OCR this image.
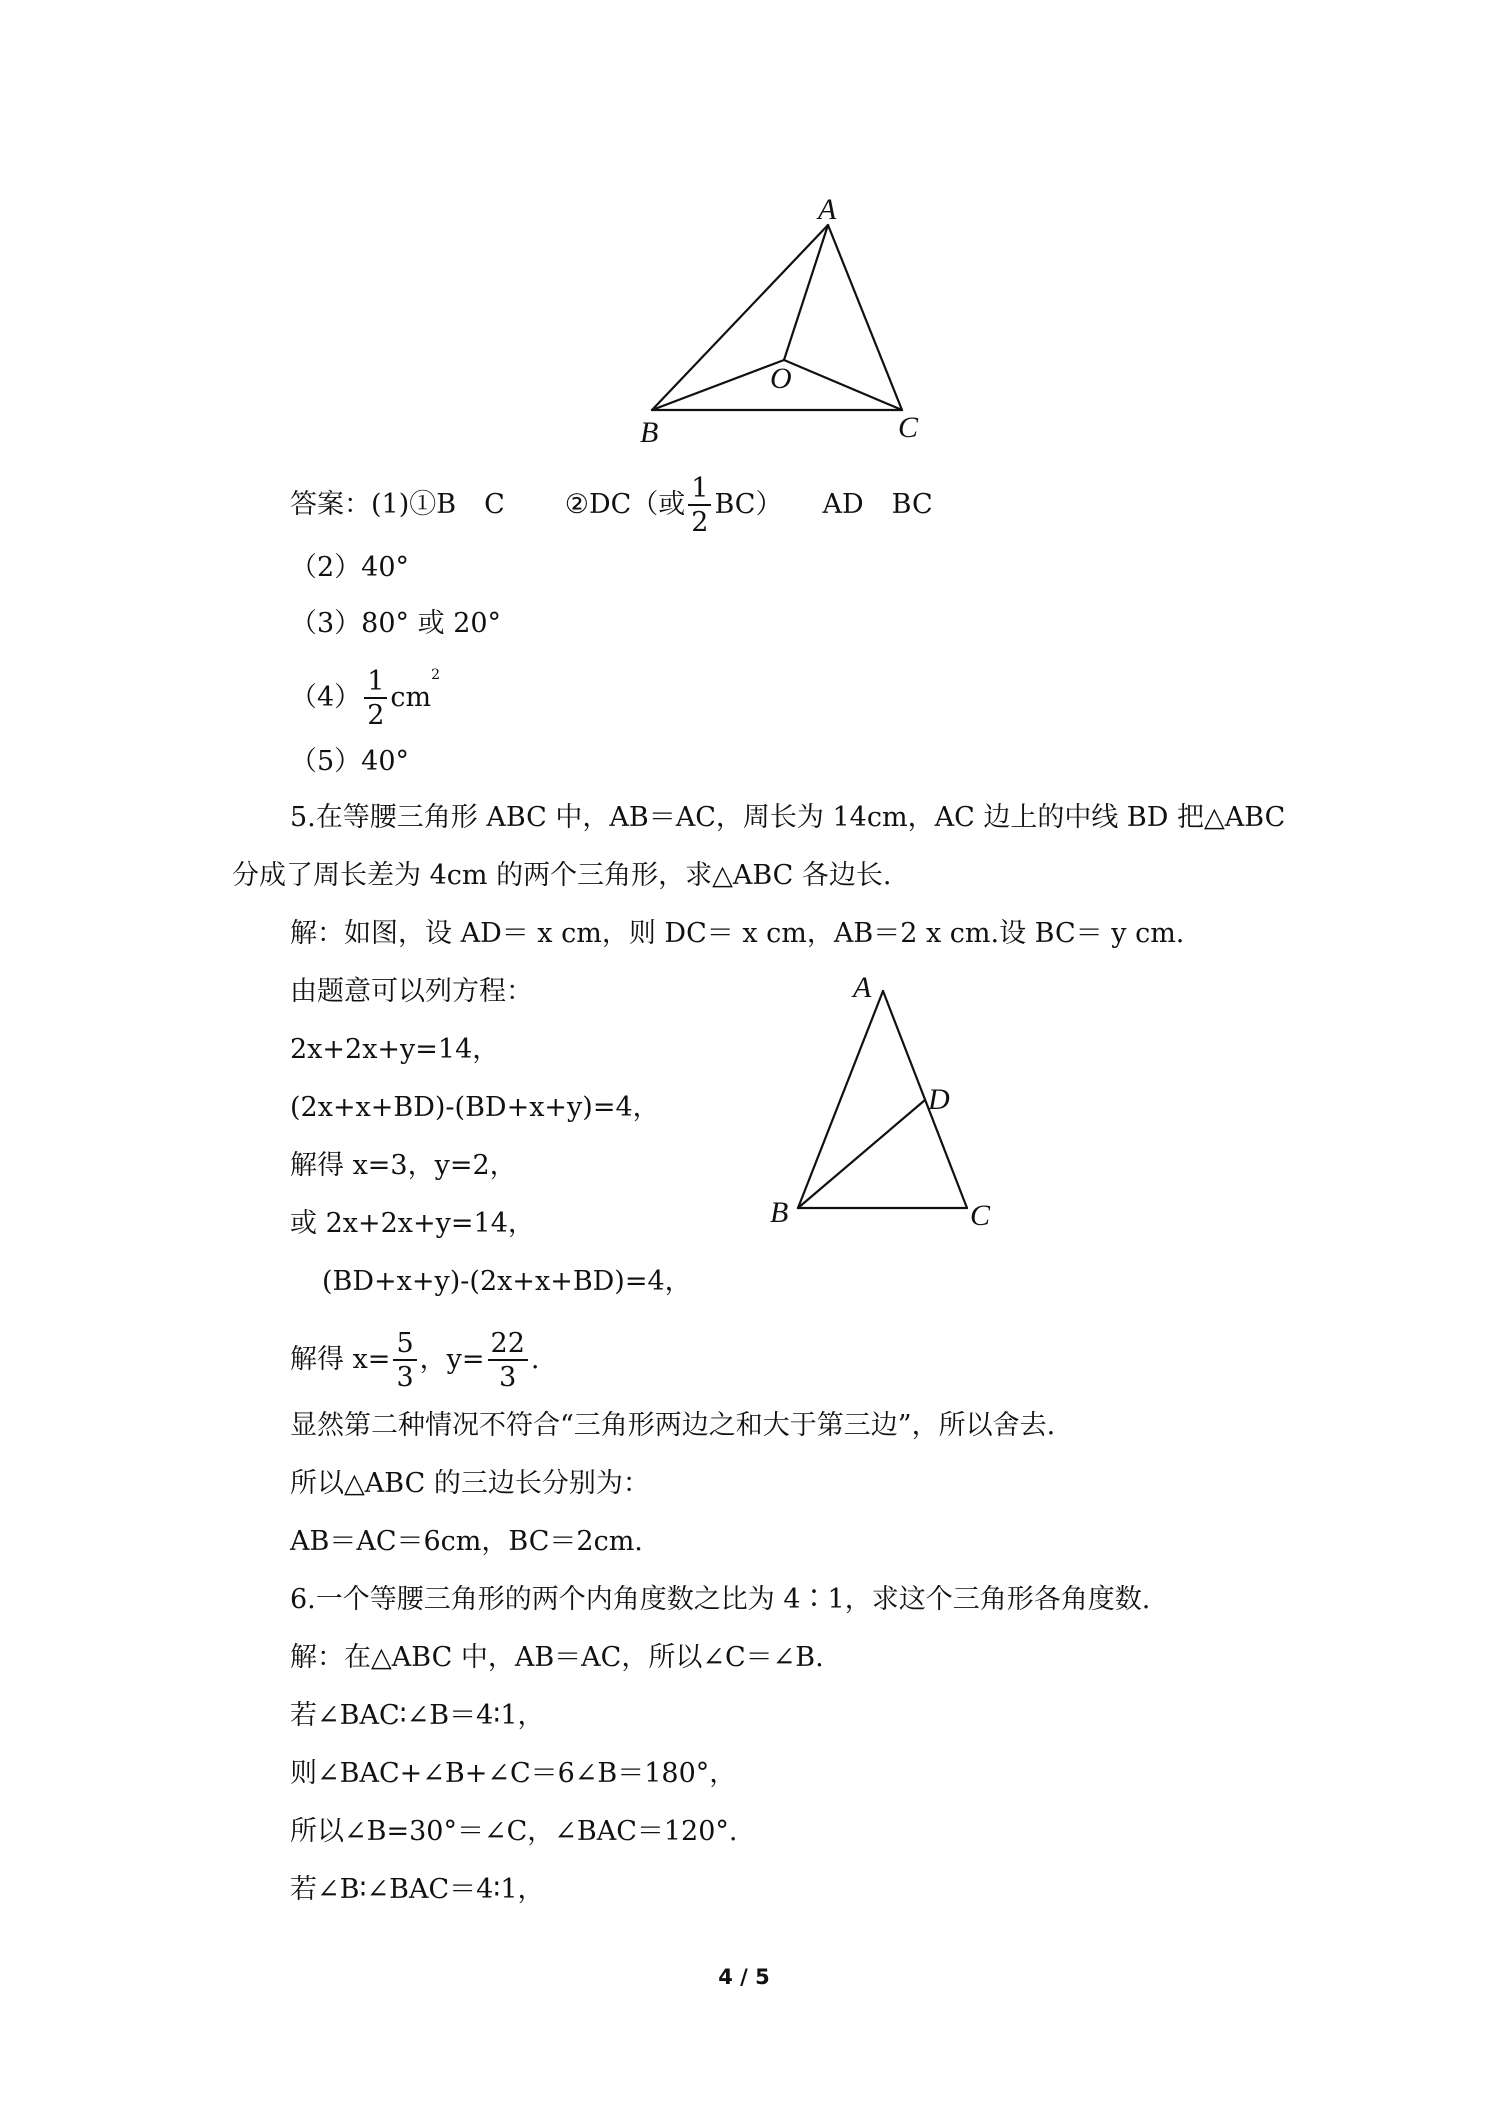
A
O
B	C
答案：(1)①B C ②DC（或 $\frac{1}{2} BC$） AD BC
（2）40°
（3）80° 或 20°
$(4) \frac{1}{2} cm^2$
（5）40°
5.在等腰三角形 ABC 中，AB＝AC，周长为 14cm，AC 边上的中线 BD 把△ABC
分成了周长差为 4cm 的两个三角形，求△ABC 各边长.
解：如图，设 AD＝ x cm，则 DC＝ x cm，AB＝2 x cm.设 BC＝ y cm.
由题意可以列方程：
2x+2x+y=14，
(2x+x+BD)-(BD+x+y)=4，
解得 x=3，y=2，
或 2x+2x+y=14，
(BD+x+y)-(2x+x+BD)=4，
解得 $x= \frac{5}{3}$ ，$y= \frac{22}{3}$ .
显然第二种情况不符合“三角形两边之和大于第三边”，所以舍去.
所以△ABC 的三边长分别为：
AB＝AC＝6cm，BC＝2cm.
A
D
B	C
6.一个等腰三角形的两个内角度数之比为 4∶1，求这个三角形各角度数.
解：在△ABC 中，AB＝AC，所以∠C＝∠B.
若∠BAC∶∠B＝4∶1，
则∠BAC+∠B+∠C＝6∠B＝180°，
所以∠B=30°＝∠C，∠BAC＝120°.
若∠B∶∠BAC＝4∶1，
4 / 5
